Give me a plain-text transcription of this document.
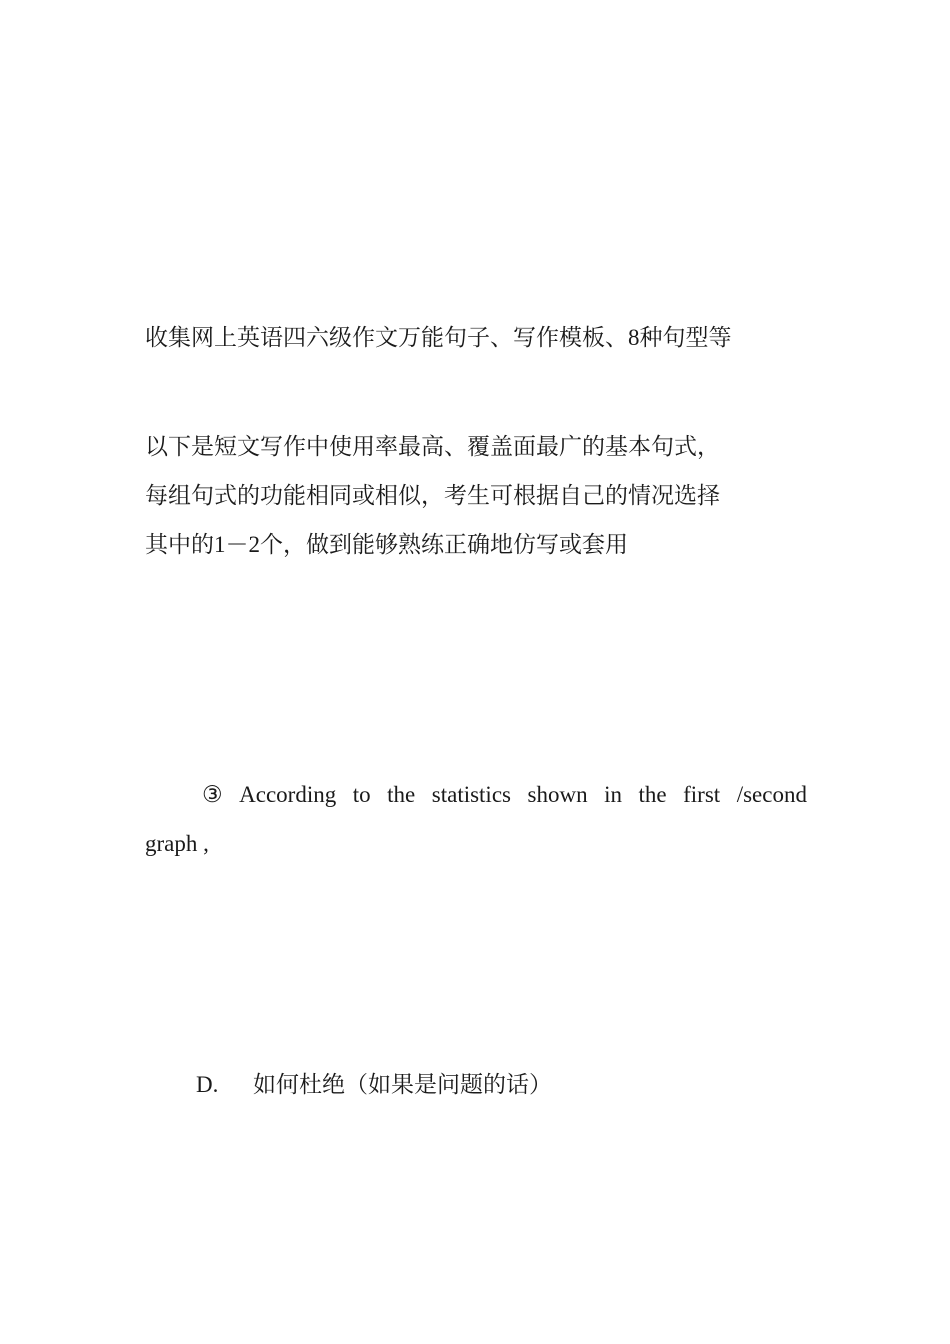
收集网上英语四六级作文万能句子、写作模板、8种句型等
以下是短文写作中使用率最高、覆盖面最广的基本句式，
每组句式的功能相同或相似，考生可根据自己的情况选择
其中的1－2个，做到能够熟练正确地仿写或套用
③ According to the statistics shown in the first /second
graph ,
D. 如何杜绝（如果是问题的话）
